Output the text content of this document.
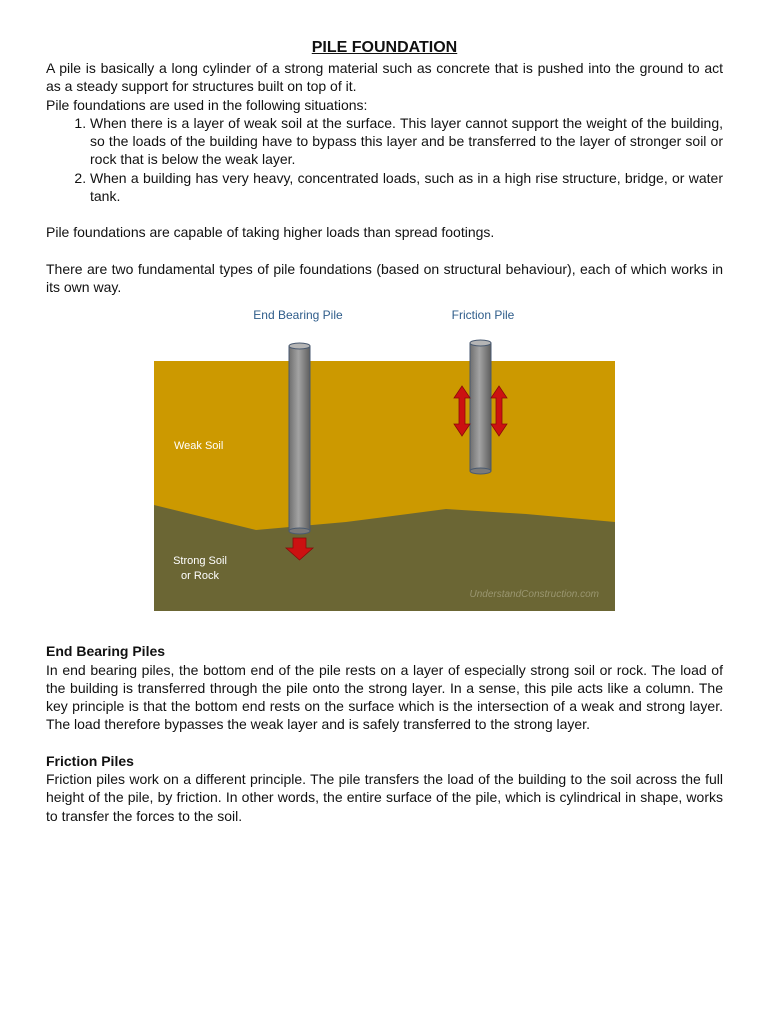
PILE FOUNDATION

A pile is basically a long cylinder of a strong material such as concrete that is pushed into the ground to act as a steady support for structures built on top of it.

Pile foundations are used in the following situations:

1. When there is a layer of weak soil at the surface. This layer cannot support the weight of the building, so the loads of the building have to bypass this layer and be transferred to the layer of stronger soil or rock that is below the weak layer.
2. When a building has very heavy, concentrated loads, such as in a high rise structure, bridge, or water tank.

Pile foundations are capable of taking higher loads than spread footings.

There are two fundamental types of pile foundations (based on structural behaviour), each of which works in its own way.

End Bearing Pile	Friction Pile
Weak Soil
Strong Soil
or Rock
UnderstandConstruction.com
End Bearing Piles

In end bearing piles, the bottom end of the pile rests on a layer of especially strong soil or rock. The load of the building is transferred through the pile onto the strong layer. In a sense, this pile acts like a column. The key principle is that the bottom end rests on the surface which is the intersection of a weak and strong layer. The load therefore bypasses the weak layer and is safely transferred to the strong layer.

Friction Piles

Friction piles work on a different principle. The pile transfers the load of the building to the soil across the full height of the pile, by friction. In other words, the entire surface of the pile, which is cylindrical in shape, works to transfer the forces to the soil.
